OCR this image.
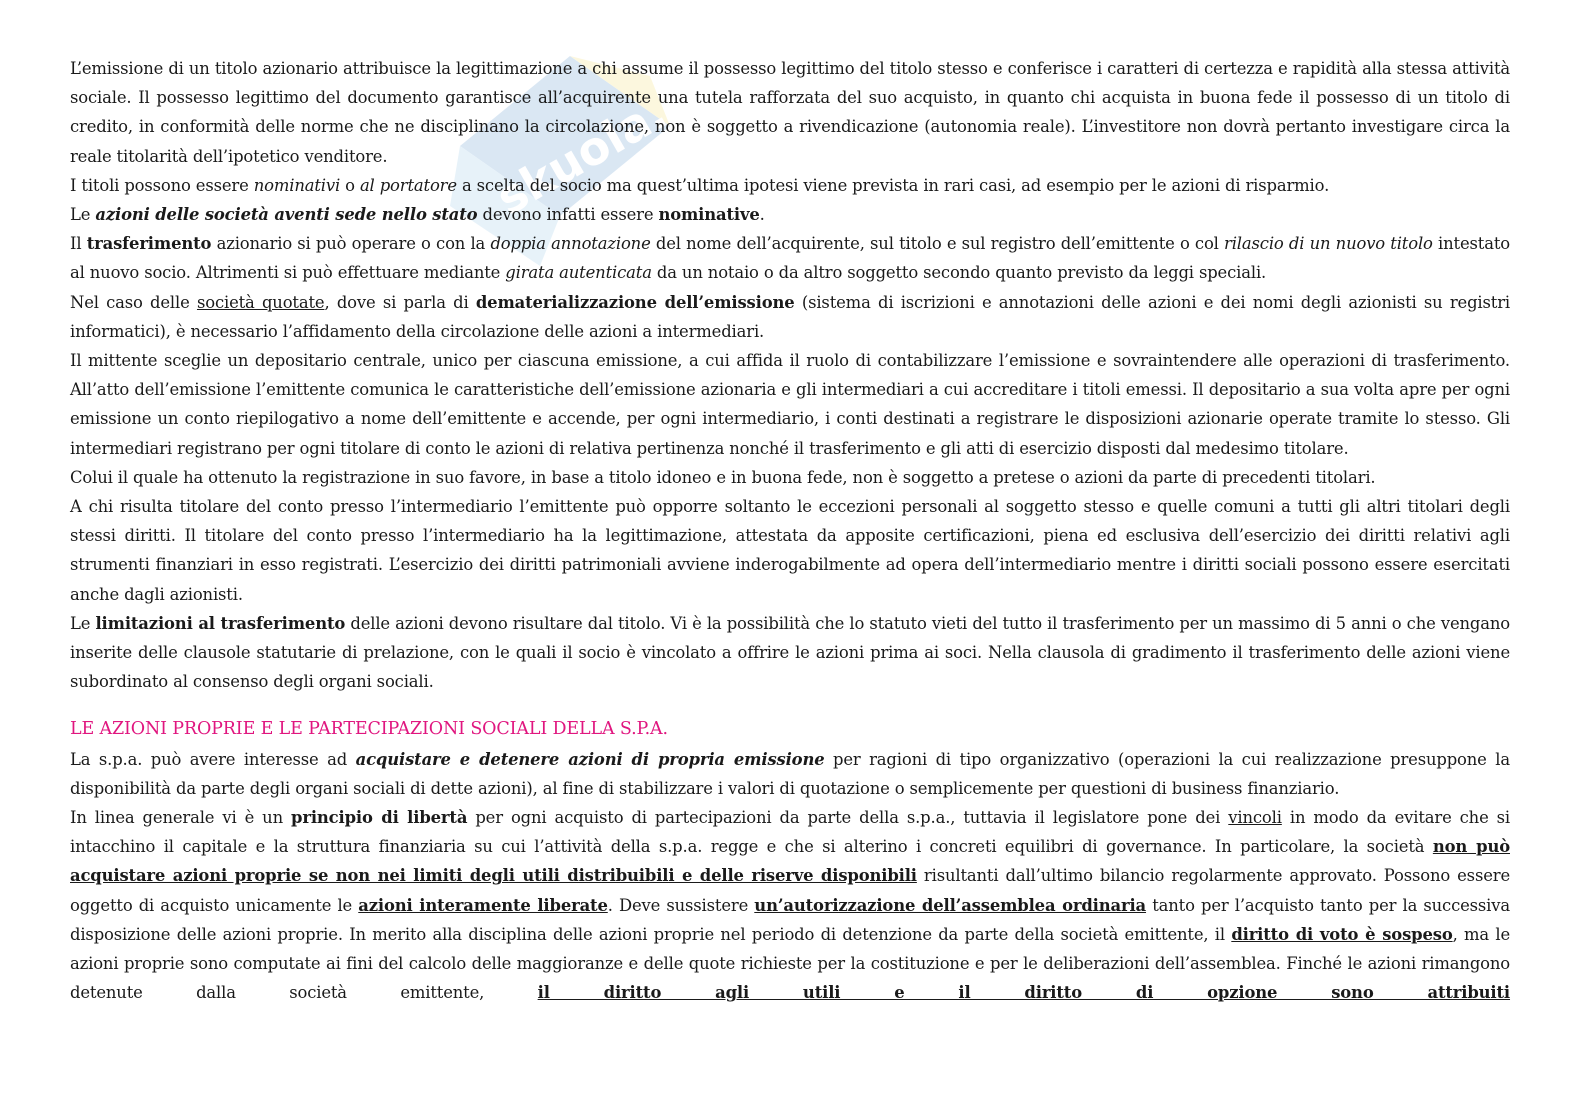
skuola.net

L’emissione di un titolo azionario attribuisce la legittimazione a chi assume il possesso legittimo del titolo stesso e conferisce i caratteri di certezza e rapidità alla stessa attività sociale. Il possesso legittimo del documento garantisce all’acquirente una tutela rafforzata del suo acquisto, in quanto chi acquista in buona fede il possesso di un titolo di credito, in conformità delle norme che ne disciplinano la circolazione, non è soggetto a rivendicazione (autonomia reale). L’investitore non dovrà pertanto investigare circa la reale titolarità dell’ipotetico venditore.

I titoli possono essere nominativi o al portatore a scelta del socio ma quest’ultima ipotesi viene prevista in rari casi, ad esempio per le azioni di risparmio.

Le azioni delle società aventi sede nello stato devono infatti essere nominative.

Il trasferimento azionario si può operare o con la doppia annotazione del nome dell’acquirente, sul titolo e sul registro dell’emittente o col rilascio di un nuovo titolo intestato al nuovo socio. Altrimenti si può effettuare mediante girata autenticata da un notaio o da altro soggetto secondo quanto previsto da leggi speciali.

Nel caso delle società quotate, dove si parla di dematerializzazione dell’emissione (sistema di iscrizioni e annotazioni delle azioni e dei nomi degli azionisti su registri informatici), è necessario l’affidamento della circolazione delle azioni a intermediari.

Il mittente sceglie un depositario centrale, unico per ciascuna emissione, a cui affida il ruolo di contabilizzare l’emissione e sovraintendere alle operazioni di trasferimento. All’atto dell’emissione l’emittente comunica le caratteristiche dell’emissione azionaria e gli intermediari a cui accreditare i titoli emessi. Il depositario a sua volta apre per ogni emissione un conto riepilogativo a nome dell’emittente e accende, per ogni intermediario, i conti destinati a registrare le disposizioni azionarie operate tramite lo stesso. Gli intermediari registrano per ogni titolare di conto le azioni di relativa pertinenza nonché il trasferimento e gli atti di esercizio disposti dal medesimo titolare.

Colui il quale ha ottenuto la registrazione in suo favore, in base a titolo idoneo e in buona fede, non è soggetto a pretese o azioni da parte di precedenti titolari.

A chi risulta titolare del conto presso l’intermediario l’emittente può opporre soltanto le eccezioni personali al soggetto stesso e quelle comuni a tutti gli altri titolari degli stessi diritti. Il titolare del conto presso l’intermediario ha la legittimazione, attestata da apposite certificazioni, piena ed esclusiva dell’esercizio dei diritti relativi agli strumenti finanziari in esso registrati. L’esercizio dei diritti patrimoniali avviene inderogabilmente ad opera dell’intermediario mentre i diritti sociali possono essere esercitati anche dagli azionisti.

Le limitazioni al trasferimento delle azioni devono risultare dal titolo. Vi è la possibilità che lo statuto vieti del tutto il trasferimento per un massimo di 5 anni o che vengano inserite delle clausole statutarie di prelazione, con le quali il socio è vincolato a offrire le azioni prima ai soci. Nella clausola di gradimento il trasferimento delle azioni viene subordinato al consenso degli organi sociali.

LE AZIONI PROPRIE E LE PARTECIPAZIONI SOCIALI DELLA S.P.A.

La s.p.a. può avere interesse ad acquistare e detenere azioni di propria emissione per ragioni di tipo organizzativo (operazioni la cui realizzazione presuppone la disponibilità da parte degli organi sociali di dette azioni), al fine di stabilizzare i valori di quotazione o semplicemente per questioni di business finanziario.

In linea generale vi è un principio di libertà per ogni acquisto di partecipazioni da parte della s.p.a., tuttavia il legislatore pone dei vincoli in modo da evitare che si intacchino il capitale e la struttura finanziaria su cui l’attività della s.p.a. regge e che si alterino i concreti equilibri di governance. In particolare, la società non può acquistare azioni proprie se non nei limiti degli utili distribuibili e delle riserve disponibili risultanti dall’ultimo bilancio regolarmente approvato. Possono essere oggetto di acquisto unicamente le azioni interamente liberate. Deve sussistere un’autorizzazione dell’assemblea ordinaria tanto per l’acquisto tanto per la successiva disposizione delle azioni proprie. In merito alla disciplina delle azioni proprie nel periodo di detenzione da parte della società emittente, il diritto di voto è sospeso, ma le azioni proprie sono computate ai fini del calcolo delle maggioranze e delle quote richieste per la costituzione e per le deliberazioni dell’assemblea. Finché le azioni rimangono detenute dalla società emittente, il diritto agli utili e il diritto di opzione sono attribuiti
